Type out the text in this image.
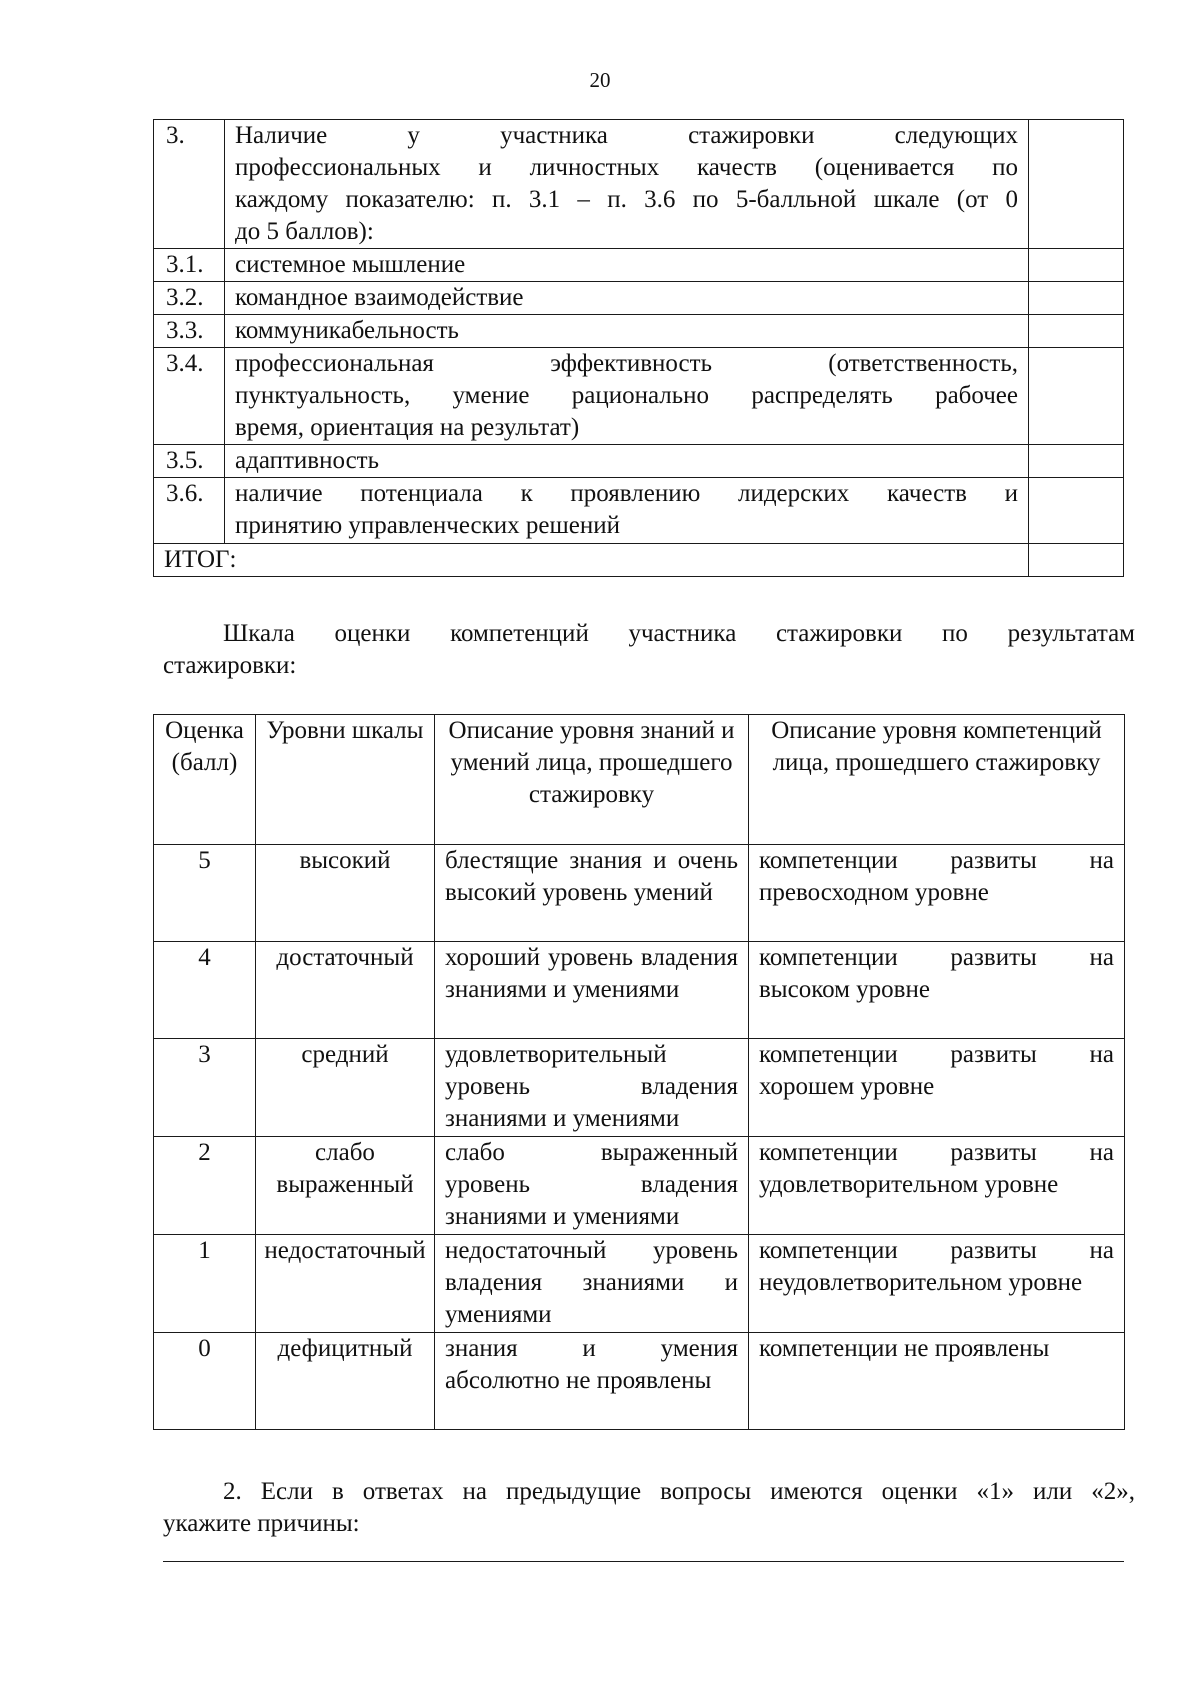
20
3.	Наличие у участника стажировки следующих
профессиональных и личностных качеств (оценивается по
каждому показателю: п. 3.1 – п. 3.6 по 5-балльной шкале (от 0
до 5 баллов):	

3.1.	системное мышление	

3.2.	командное взаимодействие	

3.3.	коммуникабельность	

3.4.	профессиональная эффективность (ответственность,
пунктуальность, умение рационально распределять рабочее
время, ориентация на результат)	

3.5.	адаптивность	

3.6.	наличие потенциала к проявлению лидерских качеств и
принятию управленческих решений	

ИТОГ:		
Шкала оценки компетенций участника стажировки по результатам
стажировки:
Оценка (балл)	Уровни шкалы	Описание уровня знаний и умений лица, прошедшего стажировку	Описание уровня компетенций лица, прошедшего стажировку
5	высокий	блестящие знания и очень высокий уровень умений	компетенции развиты на превосходном уровне
4	достаточный	хороший уровень владения знаниями и умениями	компетенции развиты на высоком уровне
3	средний	удовлетворительный уровень владения знаниями и умениями	компетенции развиты на хорошем уровне
2	слабо выраженный	слабо выраженный уровень владения знаниями и умениями	компетенции развиты на удовлетворительном уровне
1	недостаточный	недостаточный уровень владения знаниями и умениями	компетенции развиты на неудовлетворительном уровне
0	дефицитный	знания и умения абсолютно не проявлены	компетенции не проявлены
2. Если в ответах на предыдущие вопросы имеются оценки «1» или «2»,
укажите причины:
